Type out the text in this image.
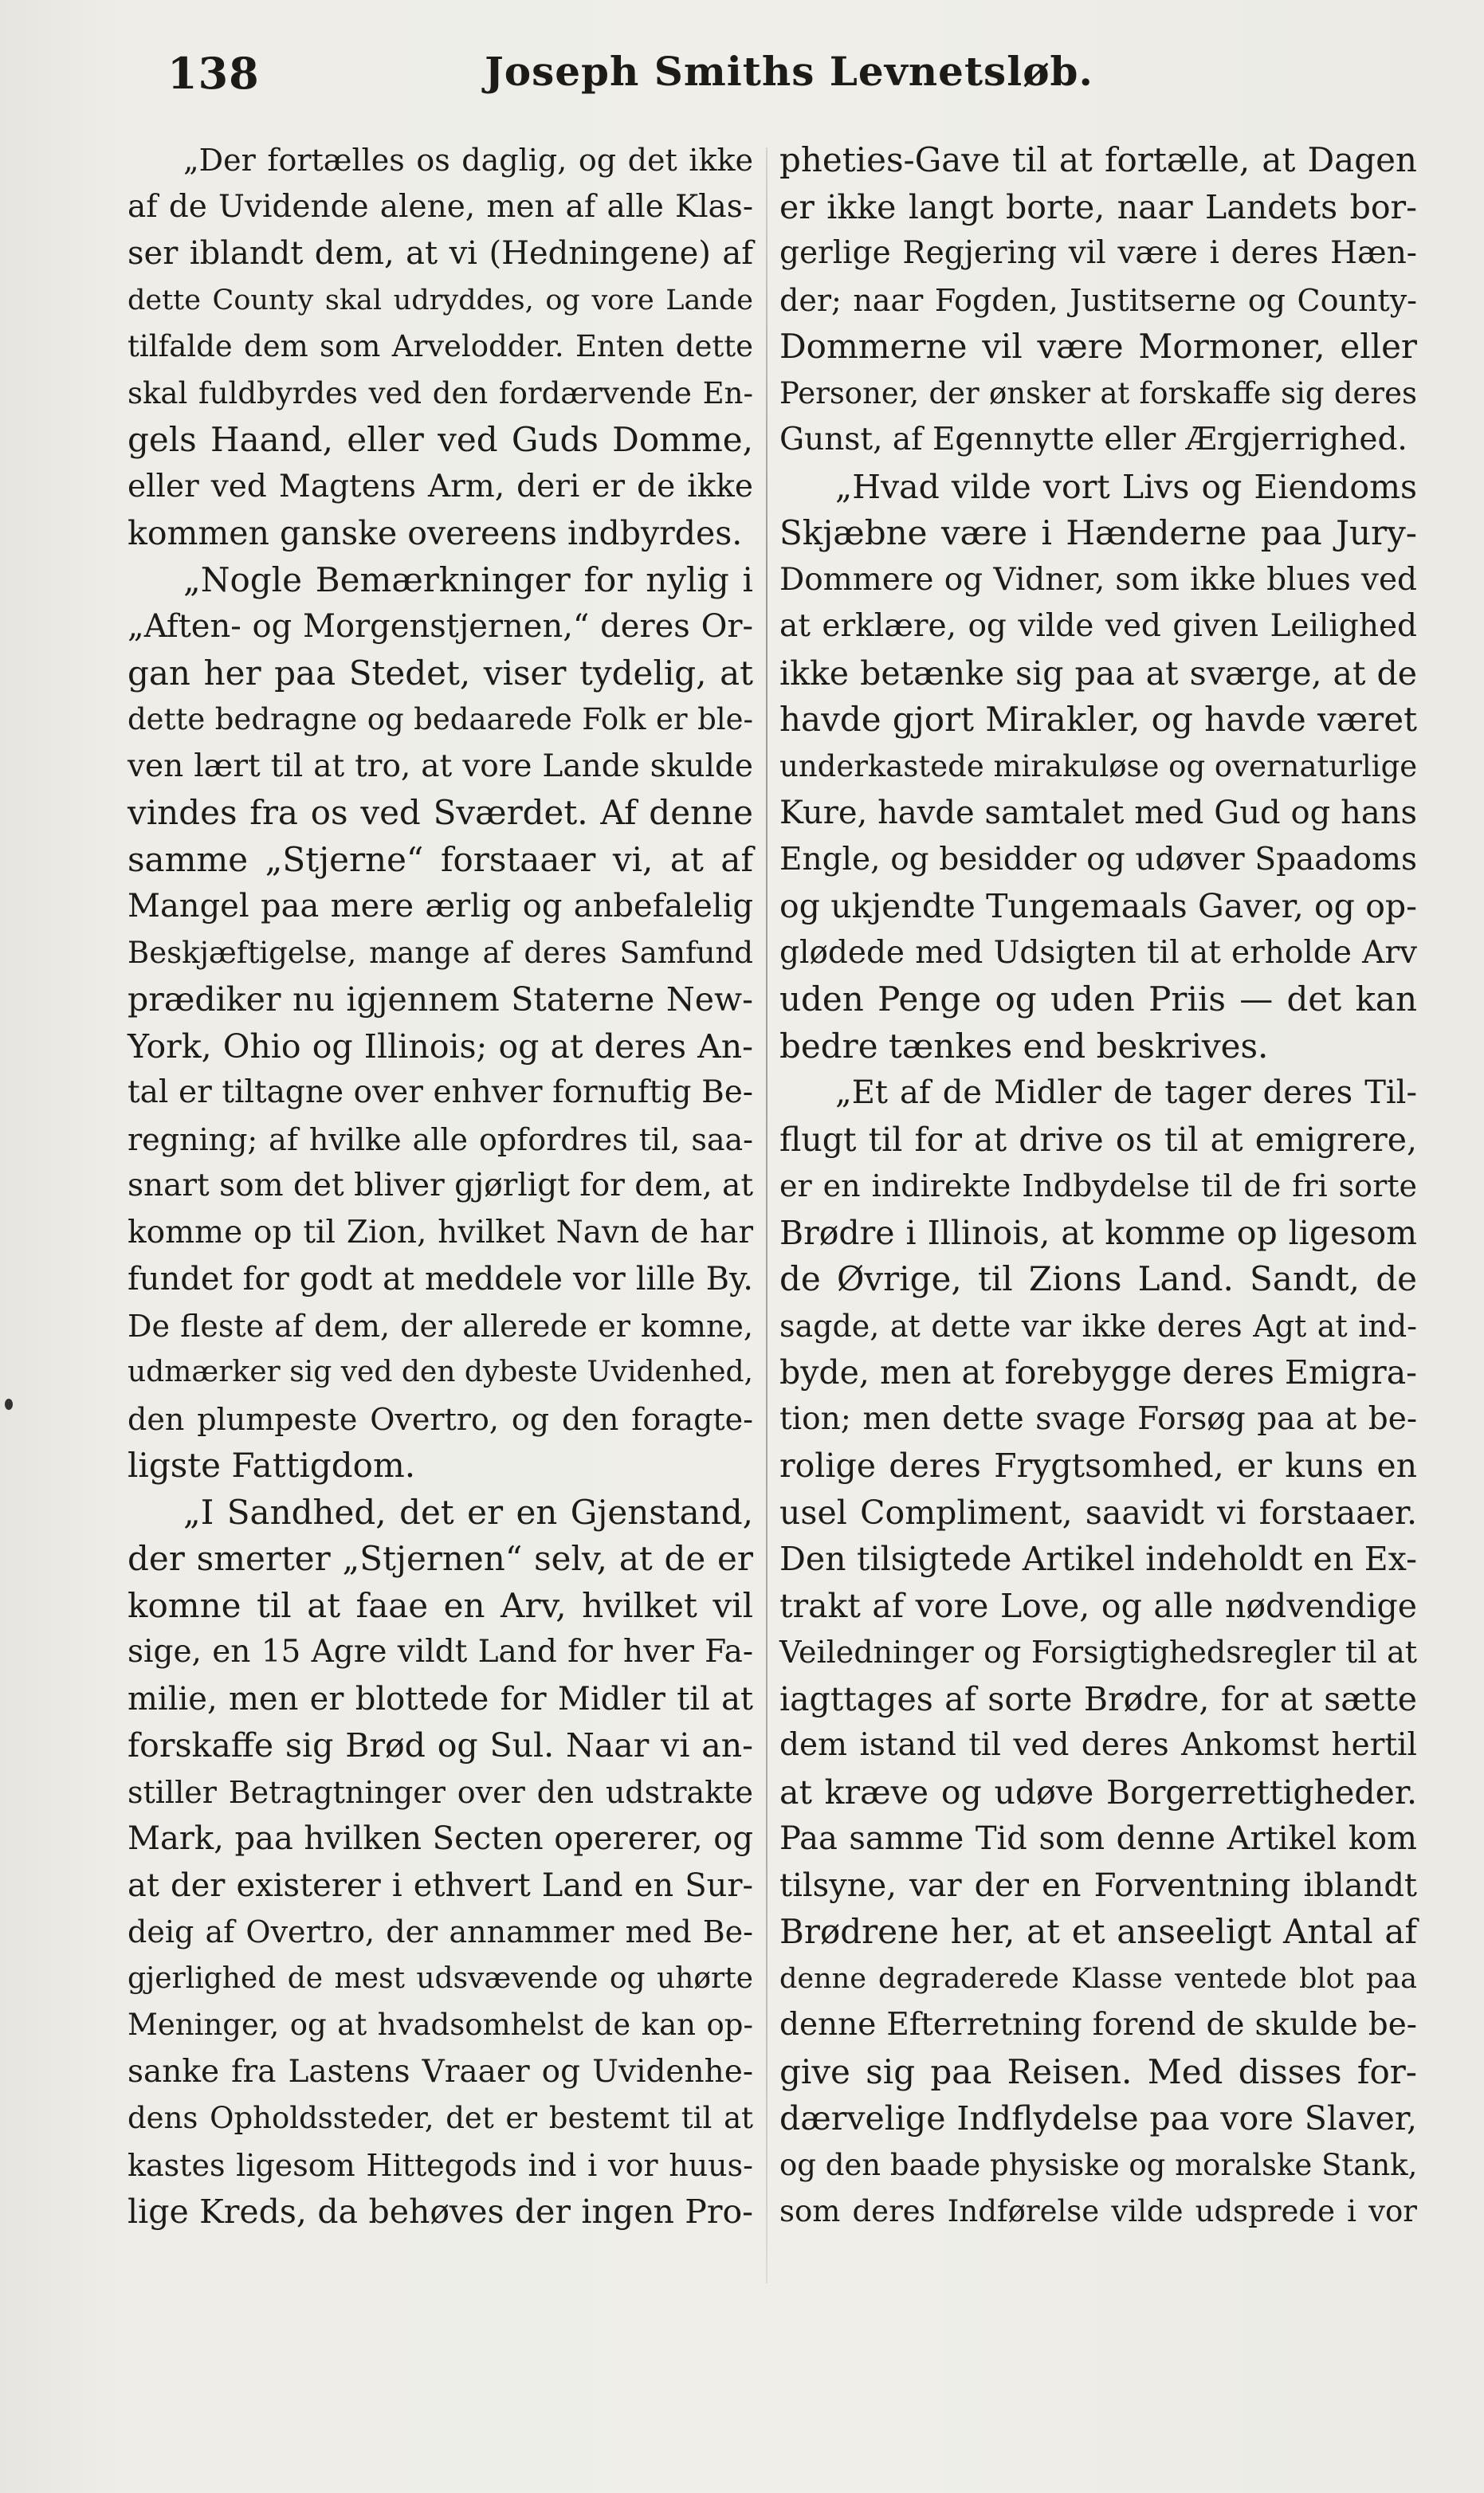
138	Joseph Smiths Levnetsløb.
„Der fortælles os daglig, og det ikke
af de Uvidende alene, men af alle Klas-
ser iblandt dem, at vi (Hedningene) af
dette County skal udryddes, og vore Lande
tilfalde dem som Arvelodder. Enten dette
skal fuldbyrdes ved den fordærvende En-
gels Haand, eller ved Guds Domme,
eller ved Magtens Arm, deri er de ikke
kommen ganske overeens indbyrdes.
„Nogle Bemærkninger for nylig i
„Aften- og Morgenstjernen,“ deres Or-
gan her paa Stedet, viser tydelig, at
dette bedragne og bedaarede Folk er ble-
ven lært til at tro, at vore Lande skulde
vindes fra os ved Sværdet. Af denne
samme „Stjerne“ forstaaer vi, at af
Mangel paa mere ærlig og anbefalelig
Beskjæftigelse, mange af deres Samfund
prædiker nu igjennem Staterne New-
York, Ohio og Illinois; og at deres An-
tal er tiltagne over enhver fornuftig Be-
regning; af hvilke alle opfordres til, saa-
snart som det bliver gjørligt for dem, at
komme op til Zion, hvilket Navn de har
fundet for godt at meddele vor lille By.
De fleste af dem, der allerede er komne,
udmærker sig ved den dybeste Uvidenhed,
den plumpeste Overtro, og den foragte-
ligste Fattigdom.
„I Sandhed, det er en Gjenstand,
der smerter „Stjernen“ selv, at de er
komne til at faae en Arv, hvilket vil
sige, en 15 Agre vildt Land for hver Fa-
milie, men er blottede for Midler til at
forskaffe sig Brød og Sul. Naar vi an-
stiller Betragtninger over den udstrakte
Mark, paa hvilken Secten opererer, og
at der existerer i ethvert Land en Sur-
deig af Overtro, der annammer med Be-
gjerlighed de mest udsvævende og uhørte
Meninger, og at hvadsomhelst de kan op-
sanke fra Lastens Vraaer og Uvidenhe-
dens Opholdssteder, det er bestemt til at
kastes ligesom Hittegods ind i vor huus-
lige Kreds, da behøves der ingen Pro-
pheties-Gave til at fortælle, at Dagen
er ikke langt borte, naar Landets bor-
gerlige Regjering vil være i deres Hæn-
der; naar Fogden, Justitserne og County-
Dommerne vil være Mormoner, eller
Personer, der ønsker at forskaffe sig deres
Gunst, af Egennytte eller Ærgjerrighed.
„Hvad vilde vort Livs og Eiendoms
Skjæbne være i Hænderne paa Jury-
Dommere og Vidner, som ikke blues ved
at erklære, og vilde ved given Leilighed
ikke betænke sig paa at sværge, at de
havde gjort Mirakler, og havde været
underkastede mirakuløse og overnaturlige
Kure, havde samtalet med Gud og hans
Engle, og besidder og udøver Spaadoms
og ukjendte Tungemaals Gaver, og op-
glødede med Udsigten til at erholde Arv
uden Penge og uden Priis — det kan
bedre tænkes end beskrives.
„Et af de Midler de tager deres Til-
flugt til for at drive os til at emigrere,
er en indirekte Indbydelse til de fri sorte
Brødre i Illinois, at komme op ligesom
de Øvrige, til Zions Land. Sandt, de
sagde, at dette var ikke deres Agt at ind-
byde, men at forebygge deres Emigra-
tion; men dette svage Forsøg paa at be-
rolige deres Frygtsomhed, er kuns en
usel Compliment, saavidt vi forstaaer.
Den tilsigtede Artikel indeholdt en Ex-
trakt af vore Love, og alle nødvendige
Veiledninger og Forsigtighedsregler til at
iagttages af sorte Brødre, for at sætte
dem istand til ved deres Ankomst hertil
at kræve og udøve Borgerrettigheder.
Paa samme Tid som denne Artikel kom
tilsyne, var der en Forventning iblandt
Brødrene her, at et anseeligt Antal af
denne degraderede Klasse ventede blot paa
denne Efterretning forend de skulde be-
give sig paa Reisen. Med disses for-
dærvelige Indflydelse paa vore Slaver,
og den baade physiske og moralske Stank,
som deres Indførelse vilde udsprede i vor
